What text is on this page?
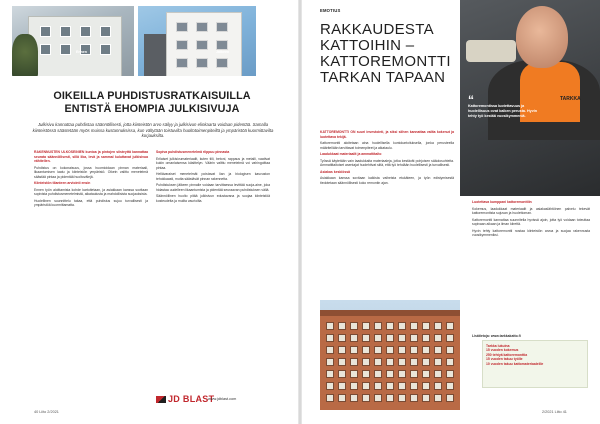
EMOTIUS
Ennen	Jälkeen
OIKEILLA PUHDISTUSRATKAISUILLA ENTISTÄ EHOMPIA JULKISIVUJA
Julkisivu kannattaa puhdistaa säännöllisesti, jotta kiinteistön arvo säilyy ja julkisivun elinkaarta voidaan pidentää. Samalla kiinteistössä säästetään myös muissa kustannuksissa, kun vältytään toistuvilta huoltotoimenpiteiltä ja ympäristöä kuormittavilta korjauksilta.

RAKENNUSTEN ULKOSEINIEN kuntoa ja pintojen siisteyttä kannattaa seurata säännöllisesti, sillä lika, levä ja sammal kuluttavat julkisivua vähitellen.

Puhdistus on kokonaisuus, jossa huomioidaan pinnan materiaali, likaantumisen laatu ja kiinteistön ympäristö. Oikein valittu menetelmä säästää pintaa ja pidentää huoltovälejä.

Kiinteistön tilanteen arviointi ensin

Ennen työn aloittamista kohde kartoitetaan, ja asiakkaan kanssa sovitaan sopivista puhdistusmenetelmistä, aikataulusta ja mahdollisista suojauksista.

Huolellinen suunnittelu takaa, että puhdistus sujuu turvallisesti ja ympäristöä kuormittamatta.

Sopiva puhdistusmenetelmä riippuu pinnasta

Erilaiset julkisivumateriaalit, kuten tiili, betoni, rappaus ja metalli, vaativat kukin omanlaisensa käsittelyn. Väärin valittu menetelmä voi vahingoittaa pintaa.

Hellävaraiset menetelmät poistavat lian ja biologisen kasvuston tehokkaasti, mutta säästävät pinnan rakennetta.

Puhdistuksen jälkeen pinnalle voidaan tarvittaessa levittää suoja-aine, joka hidastaa uudelleen likaantumista ja pidentää seuraavan puhdistuksen väliä.

Säännöllinen huolto pitää julkisivun edustavana ja suojaa kiinteistöä kosteudelta ja muilta vaurioilta.

JD BLAST
www.jdblast.com
40 Liito 2/2021
EMOTIUS
RAKKAUDESTA KATTOIHIN – KATTOREMONTTI TARKAN TAPAAN
TARKKA
“
Kattoremontissa luotettavuus ja huolellisuus ovat kaiken perusta. Hyvin tehty työ kestää vuosikymmeniä.

KATTOREMONTTI ON suuri investointi, ja siksi siihen kannattaa valita kokenut ja luotettava tekijä.

Kattoremontti aloitetaan aina huolellisella kuntokartoituksella, jonka perusteella määritellään tarvittavat toimenpiteet ja aikataulu.

Laadukkaat materiaalit ja ammattitaito

Työssä käytetään vain laadukkaita materiaaleja, jotka kestävät pohjoisen sääolosuhteita. Ammattitaitoiset asentajat huolehtivat siitä, että työ tehdään huolellisesti ja turvallisesti.

Asiakas keskiössä

Asiakkaan kanssa sovitaan kaikista vaiheista etukäteen, ja työn edistymisestä tiedotetaan säännöllisesti koko remontin ajan.

Luotettava kumppani kattoremonttiin

Kokemus, laadukkaat materiaalit ja asiakaslähtöinen palvelu tekevät kattoremontista sujuvan ja huolettoman.

Kattoremontti kannattaa suunnitella hyvissä ajoin, jotta työ voidaan toteuttaa sopivaan aikaan ja ilman kiirettä.

Hyvin tehty kattoremontti nostaa kiinteistön arvoa ja suojaa rakennusta vuosikymmeniksi.

Tarkka lukuina
15 vuoden kokemus
250 tehtyä kattoremonttia
15 vuoden takuu työlle
10 vuoden takuu kattomateriaaleille
Lisätietoja: www.tarkkakatto.fi
2/2021 Liito 41
